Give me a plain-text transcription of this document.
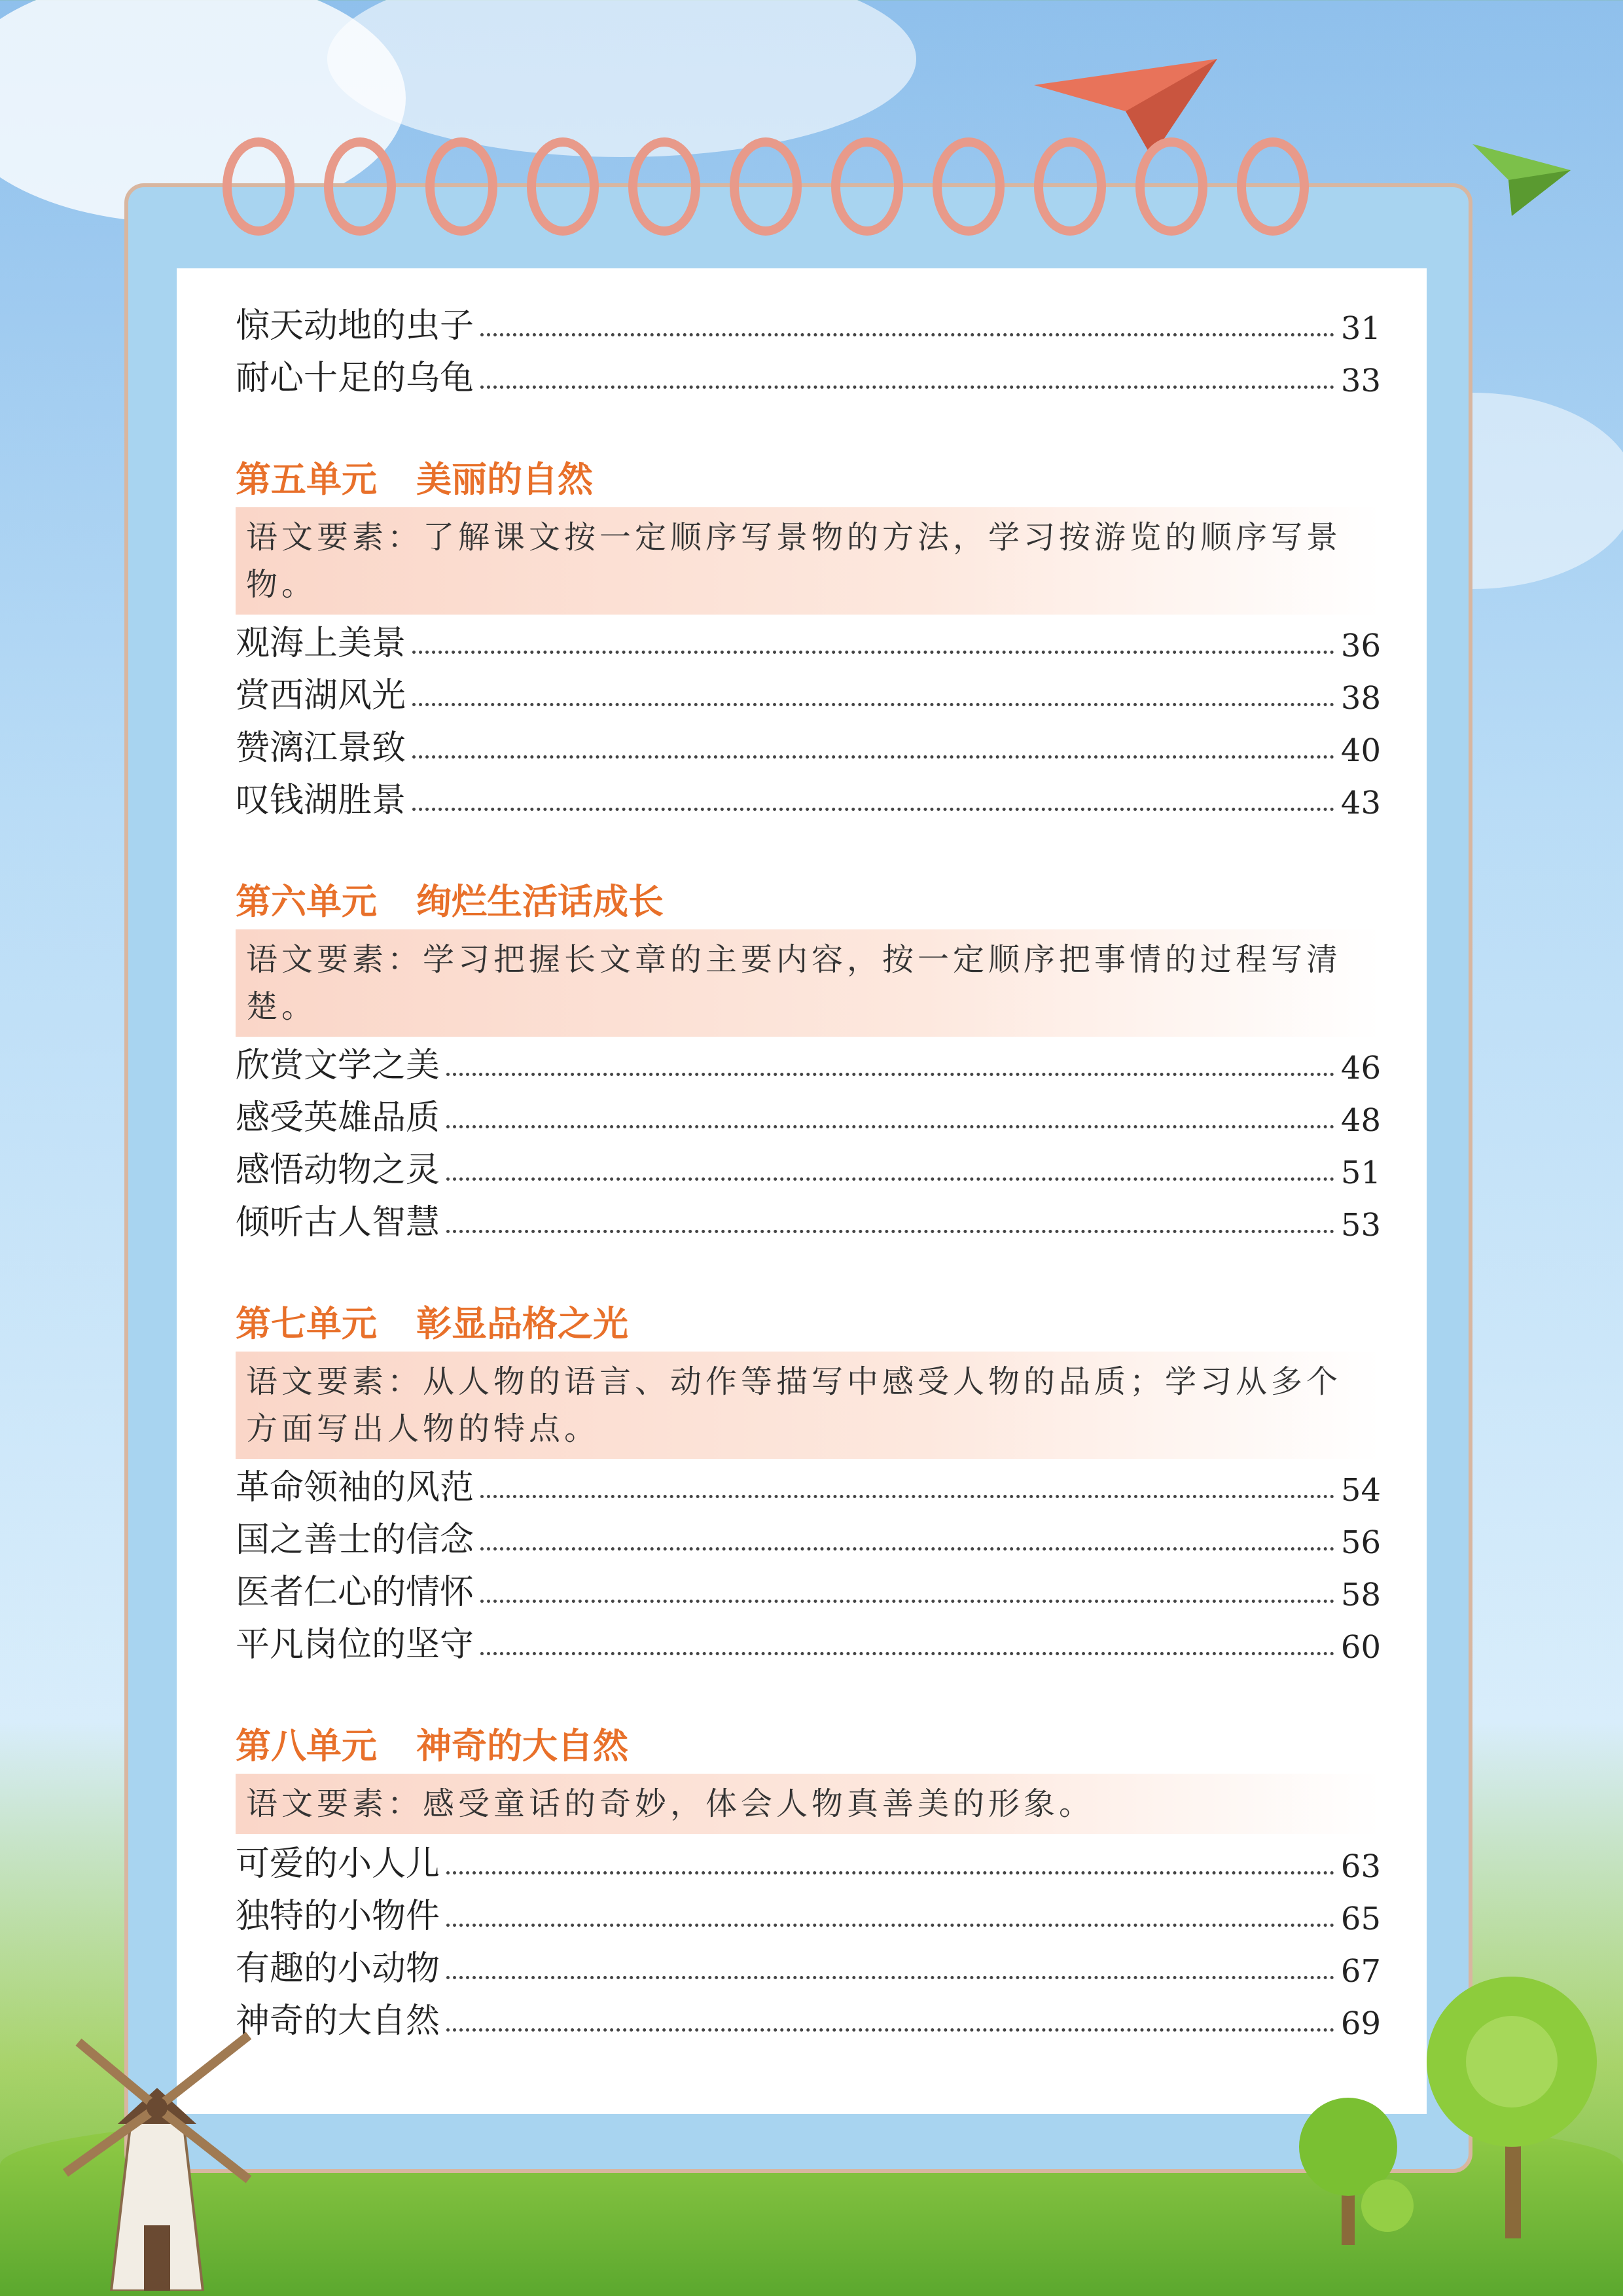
惊天动地的虫子	31
耐心十足的乌龟	33
第五单元 美丽的自然
语文要素：了解课文按一定顺序写景物的方法，学习按游览的顺序写景物。
观海上美景	36
赏西湖风光	38
赞漓江景致	40
叹钱湖胜景	43
第六单元 绚烂生活话成长
语文要素：学习把握长文章的主要内容，按一定顺序把事情的过程写清楚。
欣赏文学之美	46
感受英雄品质	48
感悟动物之灵	51
倾听古人智慧	53
第七单元 彰显品格之光
语文要素：从人物的语言、动作等描写中感受人物的品质；学习从多个方面写出人物的特点。
革命领袖的风范	54
国之善士的信念	56
医者仁心的情怀	58
平凡岗位的坚守	60
第八单元 神奇的大自然
语文要素：感受童话的奇妙，体会人物真善美的形象。
可爱的小人儿	63
独特的小物件	65
有趣的小动物	67
神奇的大自然	69
